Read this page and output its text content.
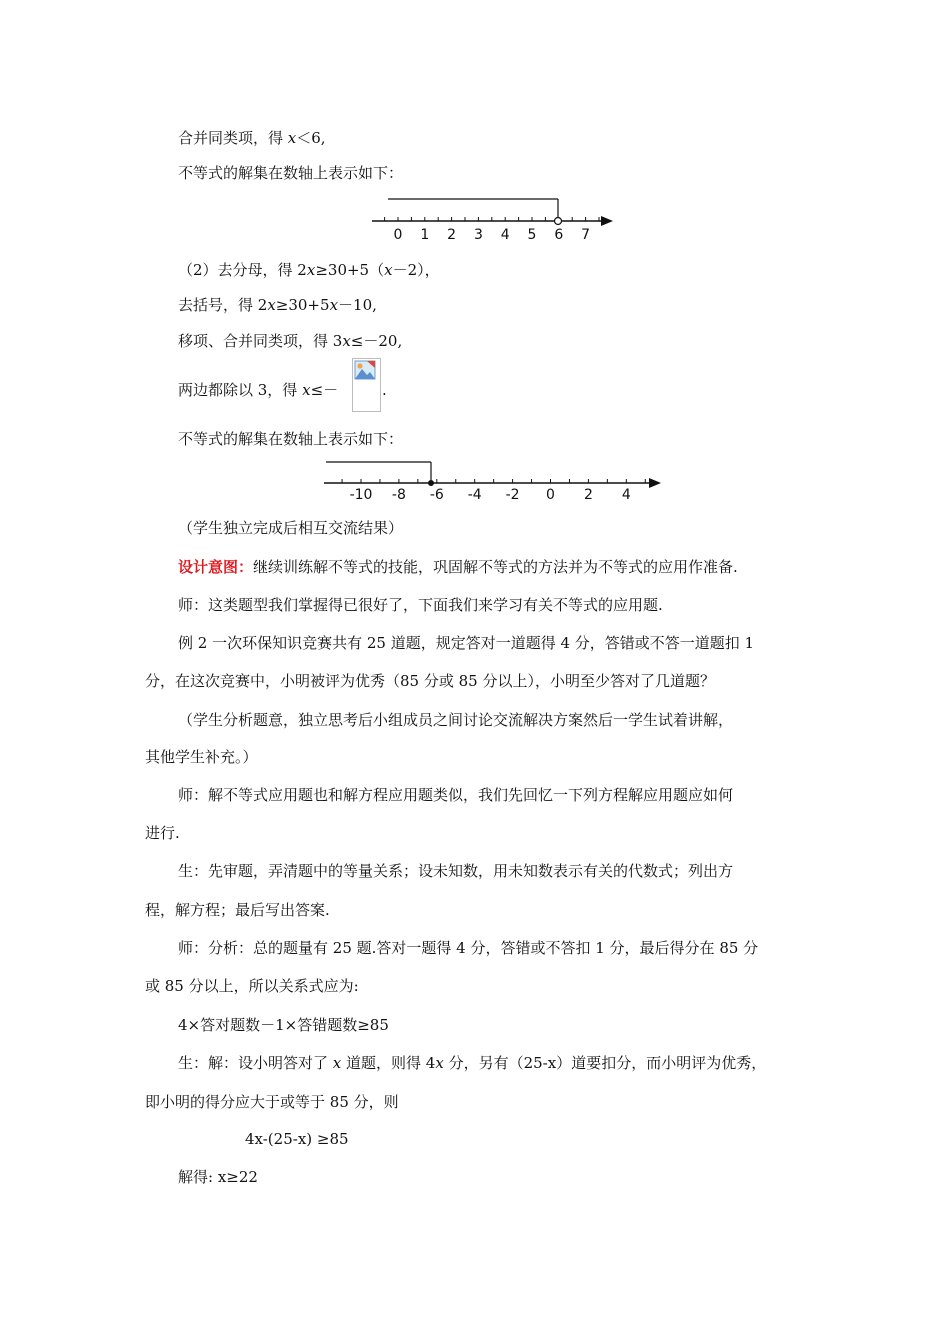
合并同类项，得 x＜6,
不等式的解集在数轴上表示如下：
0 1 2 3 4 5 6 7
（2）去分母，得 2x≥30+5（x－2），
去括号，得 2x≥30+5x－10,
移项、合并同类项，得 3x≤－20,
两边都除以 3，得 x≤－	.
不等式的解集在数轴上表示如下：
-10 -8 -6 -4 -2 0 2 4
（学生独立完成后相互交流结果）
设计意图：继续训练解不等式的技能，巩固解不等式的方法并为不等式的应用作准备.
师：这类题型我们掌握得已很好了，下面我们来学习有关不等式的应用题.
例 2 一次环保知识竞赛共有 25 道题，规定答对一道题得 4 分，答错或不答一道题扣 1
分，在这次竞赛中，小明被评为优秀（85 分或 85 分以上），小明至少答对了几道题？
（学生分析题意，独立思考后小组成员之间讨论交流解决方案然后一学生试着讲解，
其他学生补充。）
师：解不等式应用题也和解方程应用题类似，我们先回忆一下列方程解应用题应如何
进行.
生：先审题，弄清题中的等量关系；设未知数，用未知数表示有关的代数式；列出方
程，解方程；最后写出答案.
师：分析：总的题量有 25 题.答对一题得 4 分，答错或不答扣 1 分，最后得分在 85 分
或 85 分以上，所以关系式应为:
4×答对题数－1×答错题数≥85
生：解：设小明答对了 x 道题，则得 4x 分，另有（25-x）道要扣分，而小明评为优秀，
即小明的得分应大于或等于 85 分，则
4x-(25-x) ≥85
解得: x≥22
